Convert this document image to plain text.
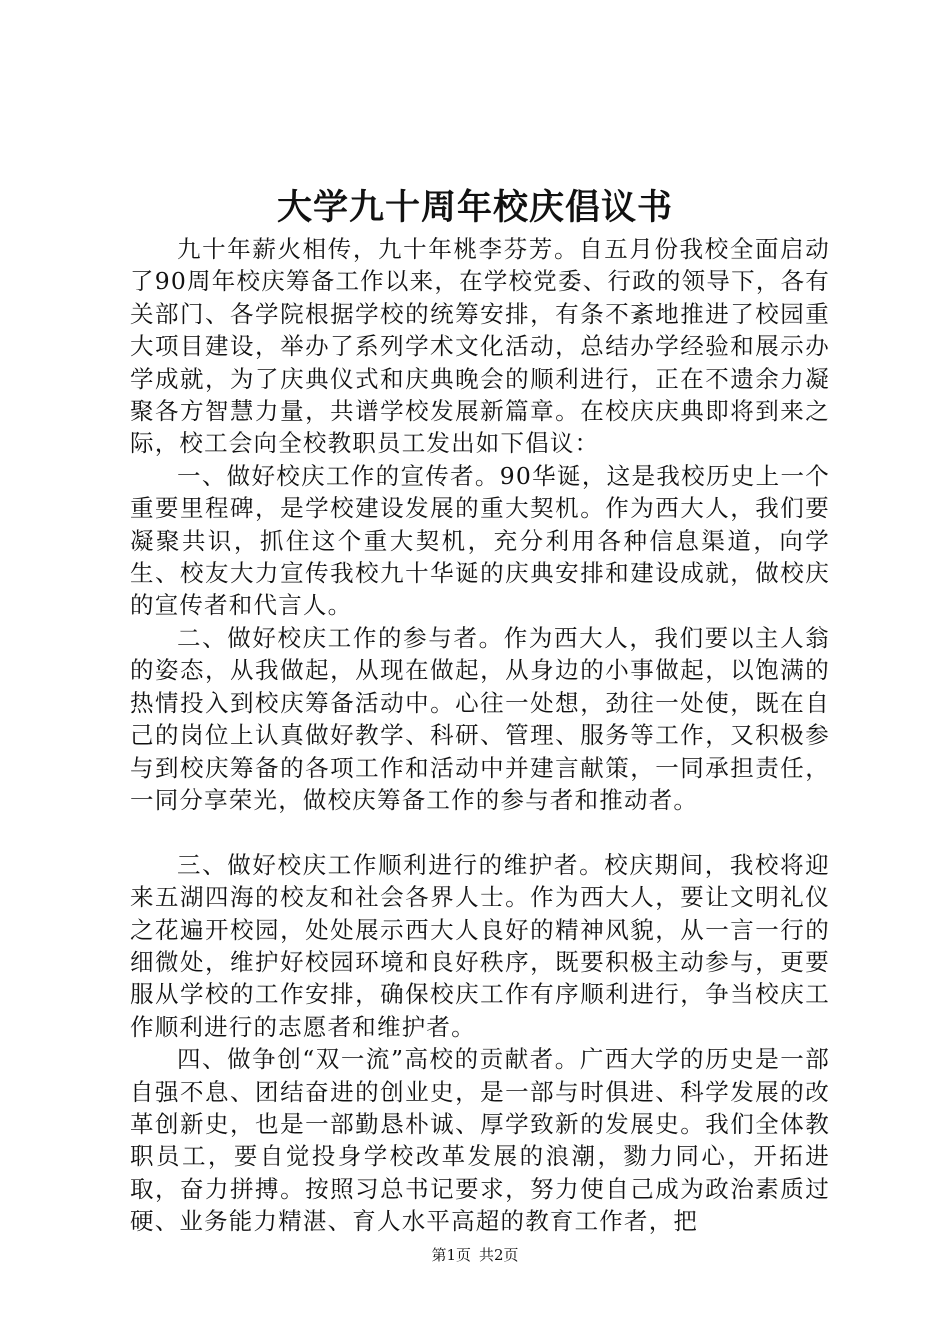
大学九十周年校庆倡议书

九十年薪火相传，九十年桃李芬芳。自五月份我校全面启动了90周年校庆筹备工作以来，在学校党委、行政的领导下，各有关部门、各学院根据学校的统筹安排，有条不紊地推进了校园重大项目建设，举办了系列学术文化活动，总结办学经验和展示办学成就，为了庆典仪式和庆典晚会的顺利进行，正在不遗余力凝聚各方智慧力量，共谱学校发展新篇章。在校庆庆典即将到来之际，校工会向全校教职员工发出如下倡议：

一、做好校庆工作的宣传者。90华诞，这是我校历史上一个重要里程碑，是学校建设发展的重大契机。作为西大人，我们要凝聚共识，抓住这个重大契机，充分利用各种信息渠道，向学生、校友大力宣传我校九十华诞的庆典安排和建设成就，做校庆的宣传者和代言人。

二、做好校庆工作的参与者。作为西大人，我们要以主人翁的姿态，从我做起，从现在做起，从身边的小事做起，以饱满的热情投入到校庆筹备活动中。心往一处想，劲往一处使，既在自己的岗位上认真做好教学、科研、管理、服务等工作，又积极参与到校庆筹备的各项工作和活动中并建言献策，一同承担责任，一同分享荣光，做校庆筹备工作的参与者和推动者。

三、做好校庆工作顺利进行的维护者。校庆期间，我校将迎来五湖四海的校友和社会各界人士。作为西大人，要让文明礼仪之花遍开校园，处处展示西大人良好的精神风貌，从一言一行的细微处，维护好校园环境和良好秩序，既要积极主动参与，更要服从学校的工作安排，确保校庆工作有序顺利进行，争当校庆工作顺利进行的志愿者和维护者。

四、做争创“双一流”高校的贡献者。广西大学的历史是一部自强不息、团结奋进的创业史，是一部与时俱进、科学发展的改革创新史，也是一部勤恳朴诚、厚学致新的发展史。我们全体教职员工，要自觉投身学校改革发展的浪潮，勠力同心，开拓进取，奋力拼搏。按照习总书记要求，努力使自己成为政治素质过硬、业务能力精湛、育人水平高超的教育工作者，把

第1页 共2页
